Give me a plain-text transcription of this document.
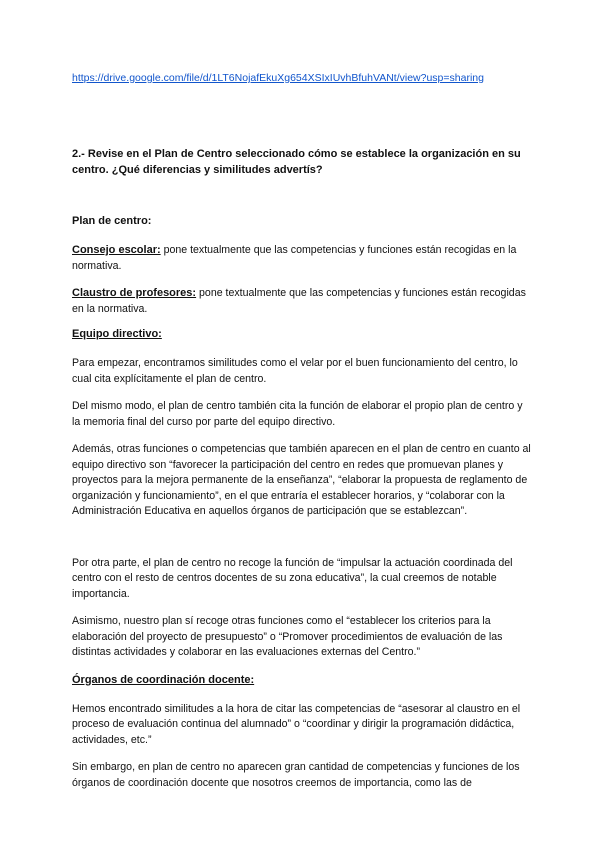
https://drive.google.com/file/d/1LT6NojafEkuXg654XSIxIUvhBfuhVANt/view?usp=sharing

2.- Revise en el Plan de Centro seleccionado cómo se establece la organización en su centro. ¿Qué diferencias y similitudes advertís?

Plan de centro:

Consejo escolar: pone textualmente que las competencias y funciones están recogidas en la normativa.

Claustro de profesores: pone textualmente que las competencias y funciones están recogidas en la normativa.

Equipo directivo:

Para empezar, encontramos similitudes como el velar por el buen funcionamiento del centro, lo cual cita explícitamente el plan de centro.

Del mismo modo, el plan de centro también cita la función de elaborar el propio plan de centro y la memoria final del curso por parte del equipo directivo.

Además, otras funciones o competencias que también aparecen en el plan de centro en cuanto al equipo directivo son “favorecer la participación del centro en redes que promuevan planes y proyectos para la mejora permanente de la enseñanza”, “elaborar la propuesta de reglamento de organización y funcionamiento”, en el que entraría el establecer horarios, y “colaborar con la Administración Educativa en aquellos órganos de participación que se establezcan”.

Por otra parte, el plan de centro no recoge la función de “impulsar la actuación coordinada del centro con el resto de centros docentes de su zona educativa”, la cual creemos de notable importancia.

Asimismo, nuestro plan sí recoge otras funciones como el “establecer los criterios para la elaboración del proyecto de presupuesto” o “Promover procedimientos de evaluación de las distintas actividades y colaborar en las evaluaciones externas del Centro.”

Órganos de coordinación docente:

Hemos encontrado similitudes a la hora de citar las competencias de “asesorar al claustro en el proceso de evaluación continua del alumnado” o “coordinar y dirigir la programación didáctica, actividades, etc.”

Sin embargo, en plan de centro no aparecen gran cantidad de competencias y funciones de los órganos de coordinación docente que nosotros creemos de importancia, como las de
